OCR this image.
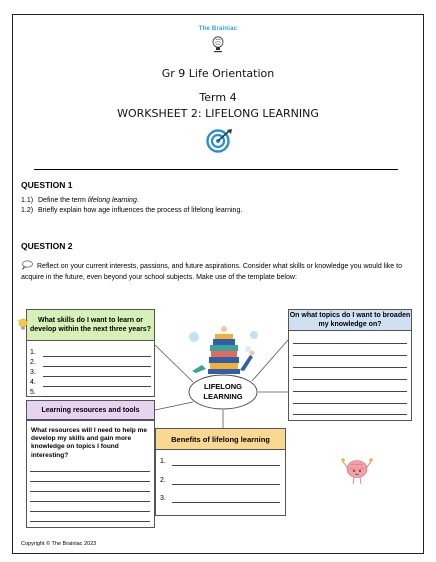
The Brainiac
Gr 9 Life Orientation
Term 4
WORKSHEET 2: LIFELONG LEARNING
QUESTION 1
1.1) Define the term lifelong learning.
1.2) Briefly explain how age influences the process of lifelong learning.
QUESTION 2
Reflect on your current interests, passions, and future aspirations. Consider what skills or knowledge you would like to acquire in the future, even beyond your school subjects. Make use of the template below:
What skills do I want to learn or develop within the next three years?
1.
2.
3.
4.
5.
On what topics do I want to broaden my knowledge on?
LIFELONG
LEARNING
Learning resources and tools
What resources will I need to help me develop my skills and gain more knowledge on topics I found interesting?
Benefits of lifelong learning
1.
2.
3.
Copyright © The Brainiac 2023
